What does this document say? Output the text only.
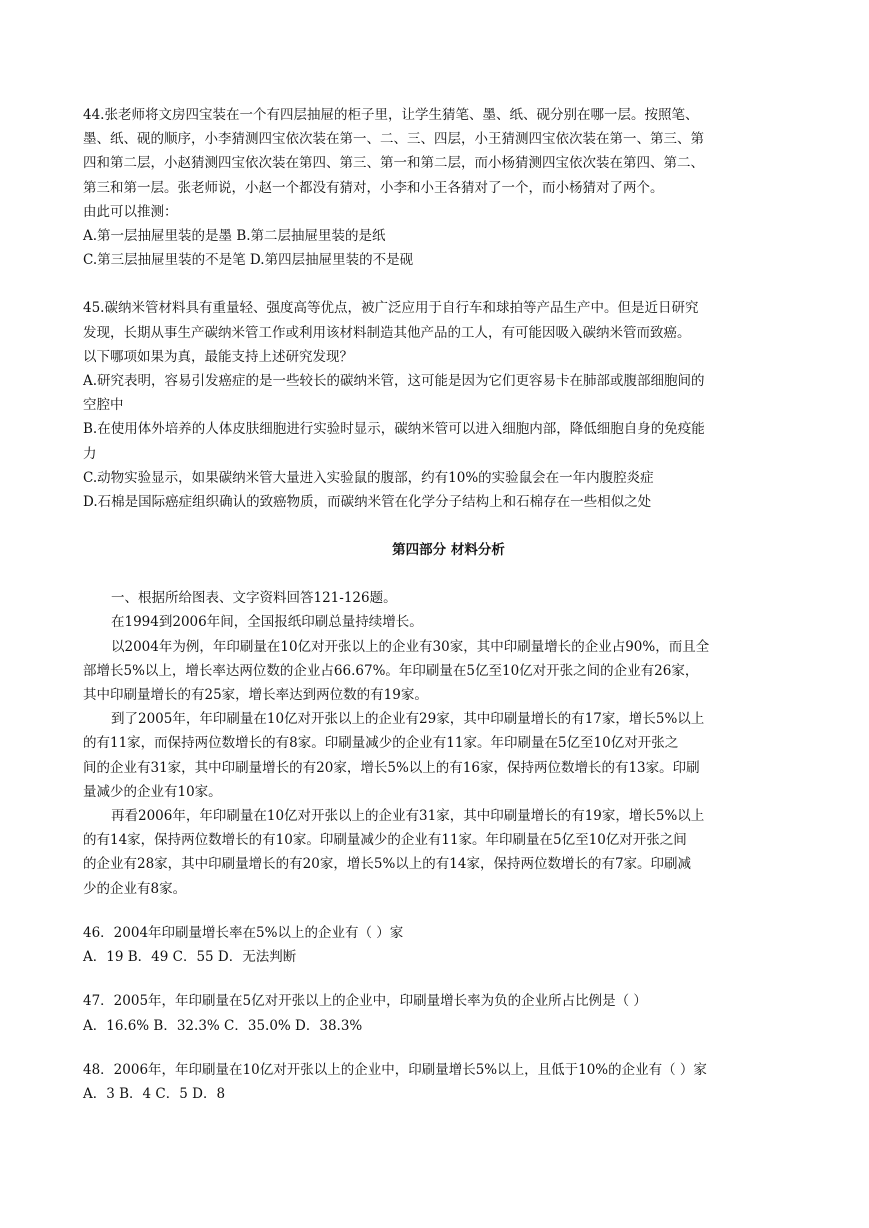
44.张老师将文房四宝装在一个有四层抽屉的柜子里，让学生猜笔、墨、纸、砚分别在哪一层。按照笔、
墨、纸、砚的顺序，小李猜测四宝依次装在第一、二、三、四层，小王猜测四宝依次装在第一、第三、第
四和第二层，小赵猜测四宝依次装在第四、第三、第一和第二层，而小杨猜测四宝依次装在第四、第二、
第三和第一层。张老师说，小赵一个都没有猜对，小李和小王各猜对了一个，而小杨猜对了两个。
由此可以推测：
A.第一层抽屉里装的是墨 B.第二层抽屉里装的是纸
C.第三层抽屉里装的不是笔 D.第四层抽屉里装的不是砚
45.碳纳米管材料具有重量轻、强度高等优点，被广泛应用于自行车和球拍等产品生产中。但是近日研究
发现，长期从事生产碳纳米管工作或利用该材料制造其他产品的工人，有可能因吸入碳纳米管而致癌。
以下哪项如果为真，最能支持上述研究发现？
A.研究表明，容易引发癌症的是一些较长的碳纳米管，这可能是因为它们更容易卡在肺部或腹部细胞间的
空腔中
B.在使用体外培养的人体皮肤细胞进行实验时显示，碳纳米管可以进入细胞内部，降低细胞自身的免疫能
力
C.动物实验显示，如果碳纳米管大量进入实验鼠的腹部，约有10%的实验鼠会在一年内腹腔炎症
D.石棉是国际癌症组织确认的致癌物质，而碳纳米管在化学分子结构上和石棉存在一些相似之处
第四部分 材料分析
一、根据所给图表、文字资料回答121-126题。
在1994到2006年间，全国报纸印刷总量持续增长。
以2004年为例，年印刷量在10亿对开张以上的企业有30家，其中印刷量增长的企业占90%，而且全
部增长5%以上，增长率达两位数的企业占66.67%。年印刷量在5亿至10亿对开张之间的企业有26家，
其中印刷量增长的有25家，增长率达到两位数的有19家。
到了2005年，年印刷量在10亿对开张以上的企业有29家，其中印刷量增长的有17家，增长5%以上
的有11家，而保持两位数增长的有8家。印刷量减少的企业有11家。年印刷量在5亿至10亿对开张之
间的企业有31家，其中印刷量增长的有20家，增长5%以上的有16家，保持两位数增长的有13家。印刷
量减少的企业有10家。
再看2006年，年印刷量在10亿对开张以上的企业有31家，其中印刷量增长的有19家，增长5%以上
的有14家，保持两位数增长的有10家。印刷量减少的企业有11家。年印刷量在5亿至10亿对开张之间
的企业有28家，其中印刷量增长的有20家，增长5%以上的有14家，保持两位数增长的有7家。印刷减
少的企业有8家。
46．2004年印刷量增长率在5%以上的企业有（ ）家
A．19 B．49 C．55 D．无法判断
47．2005年，年印刷量在5亿对开张以上的企业中，印刷量增长率为负的企业所占比例是（ ）
A．16.6% B．32.3% C．35.0% D．38.3%
48．2006年，年印刷量在10亿对开张以上的企业中，印刷量增长5%以上，且低于10%的企业有（ ）家
A．3 B．4 C．5 D．8
